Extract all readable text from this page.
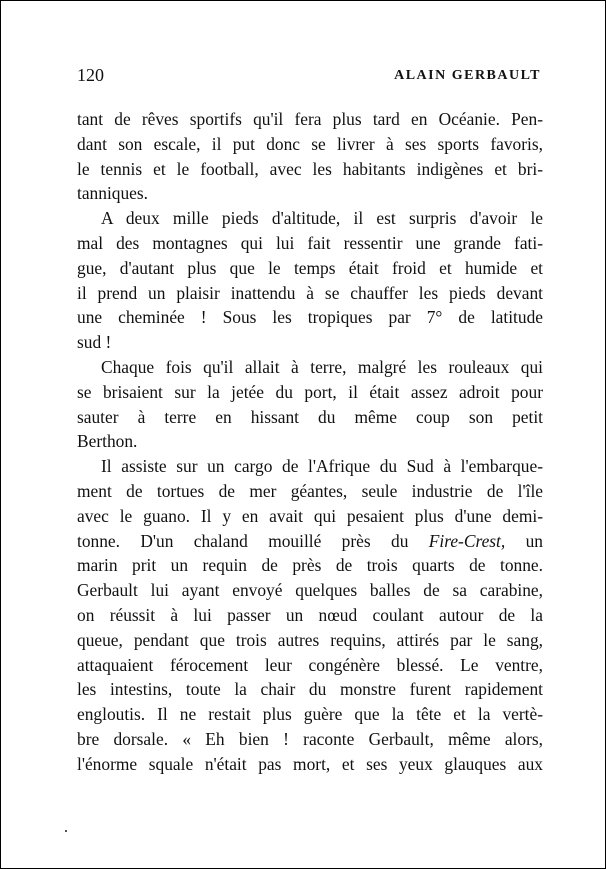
120	ALAIN GERBAULT
tant de rêves sportifs qu'il fera plus tard en Océanie. Pen-
dant son escale, il put donc se livrer à ses sports favoris,
le tennis et le football, avec les habitants indigènes et bri-
tanniques.
A deux mille pieds d'altitude, il est surpris d'avoir le
mal des montagnes qui lui fait ressentir une grande fati-
gue, d'autant plus que le temps était froid et humide et
il prend un plaisir inattendu à se chauffer les pieds devant
une cheminée ! Sous les tropiques par 7° de latitude
sud !
Chaque fois qu'il allait à terre, malgré les rouleaux qui
se brisaient sur la jetée du port, il était assez adroit pour
sauter à terre en hissant du même coup son petit
Berthon.
Il assiste sur un cargo de l'Afrique du Sud à l'embarque-
ment de tortues de mer géantes, seule industrie de l'île
avec le guano. Il y en avait qui pesaient plus d'une demi-
tonne. D'un chaland mouillé près du Fire-Crest, un
marin prit un requin de près de trois quarts de tonne.
Gerbault lui ayant envoyé quelques balles de sa carabine,
on réussit à lui passer un nœud coulant autour de la
queue, pendant que trois autres requins, attirés par le sang,
attaquaient férocement leur congénère blessé. Le ventre,
les intestins, toute la chair du monstre furent rapidement
engloutis. Il ne restait plus guère que la tête et la vertè-
bre dorsale. « Eh bien ! raconte Gerbault, même alors,
l'énorme squale n'était pas mort, et ses yeux glauques aux
